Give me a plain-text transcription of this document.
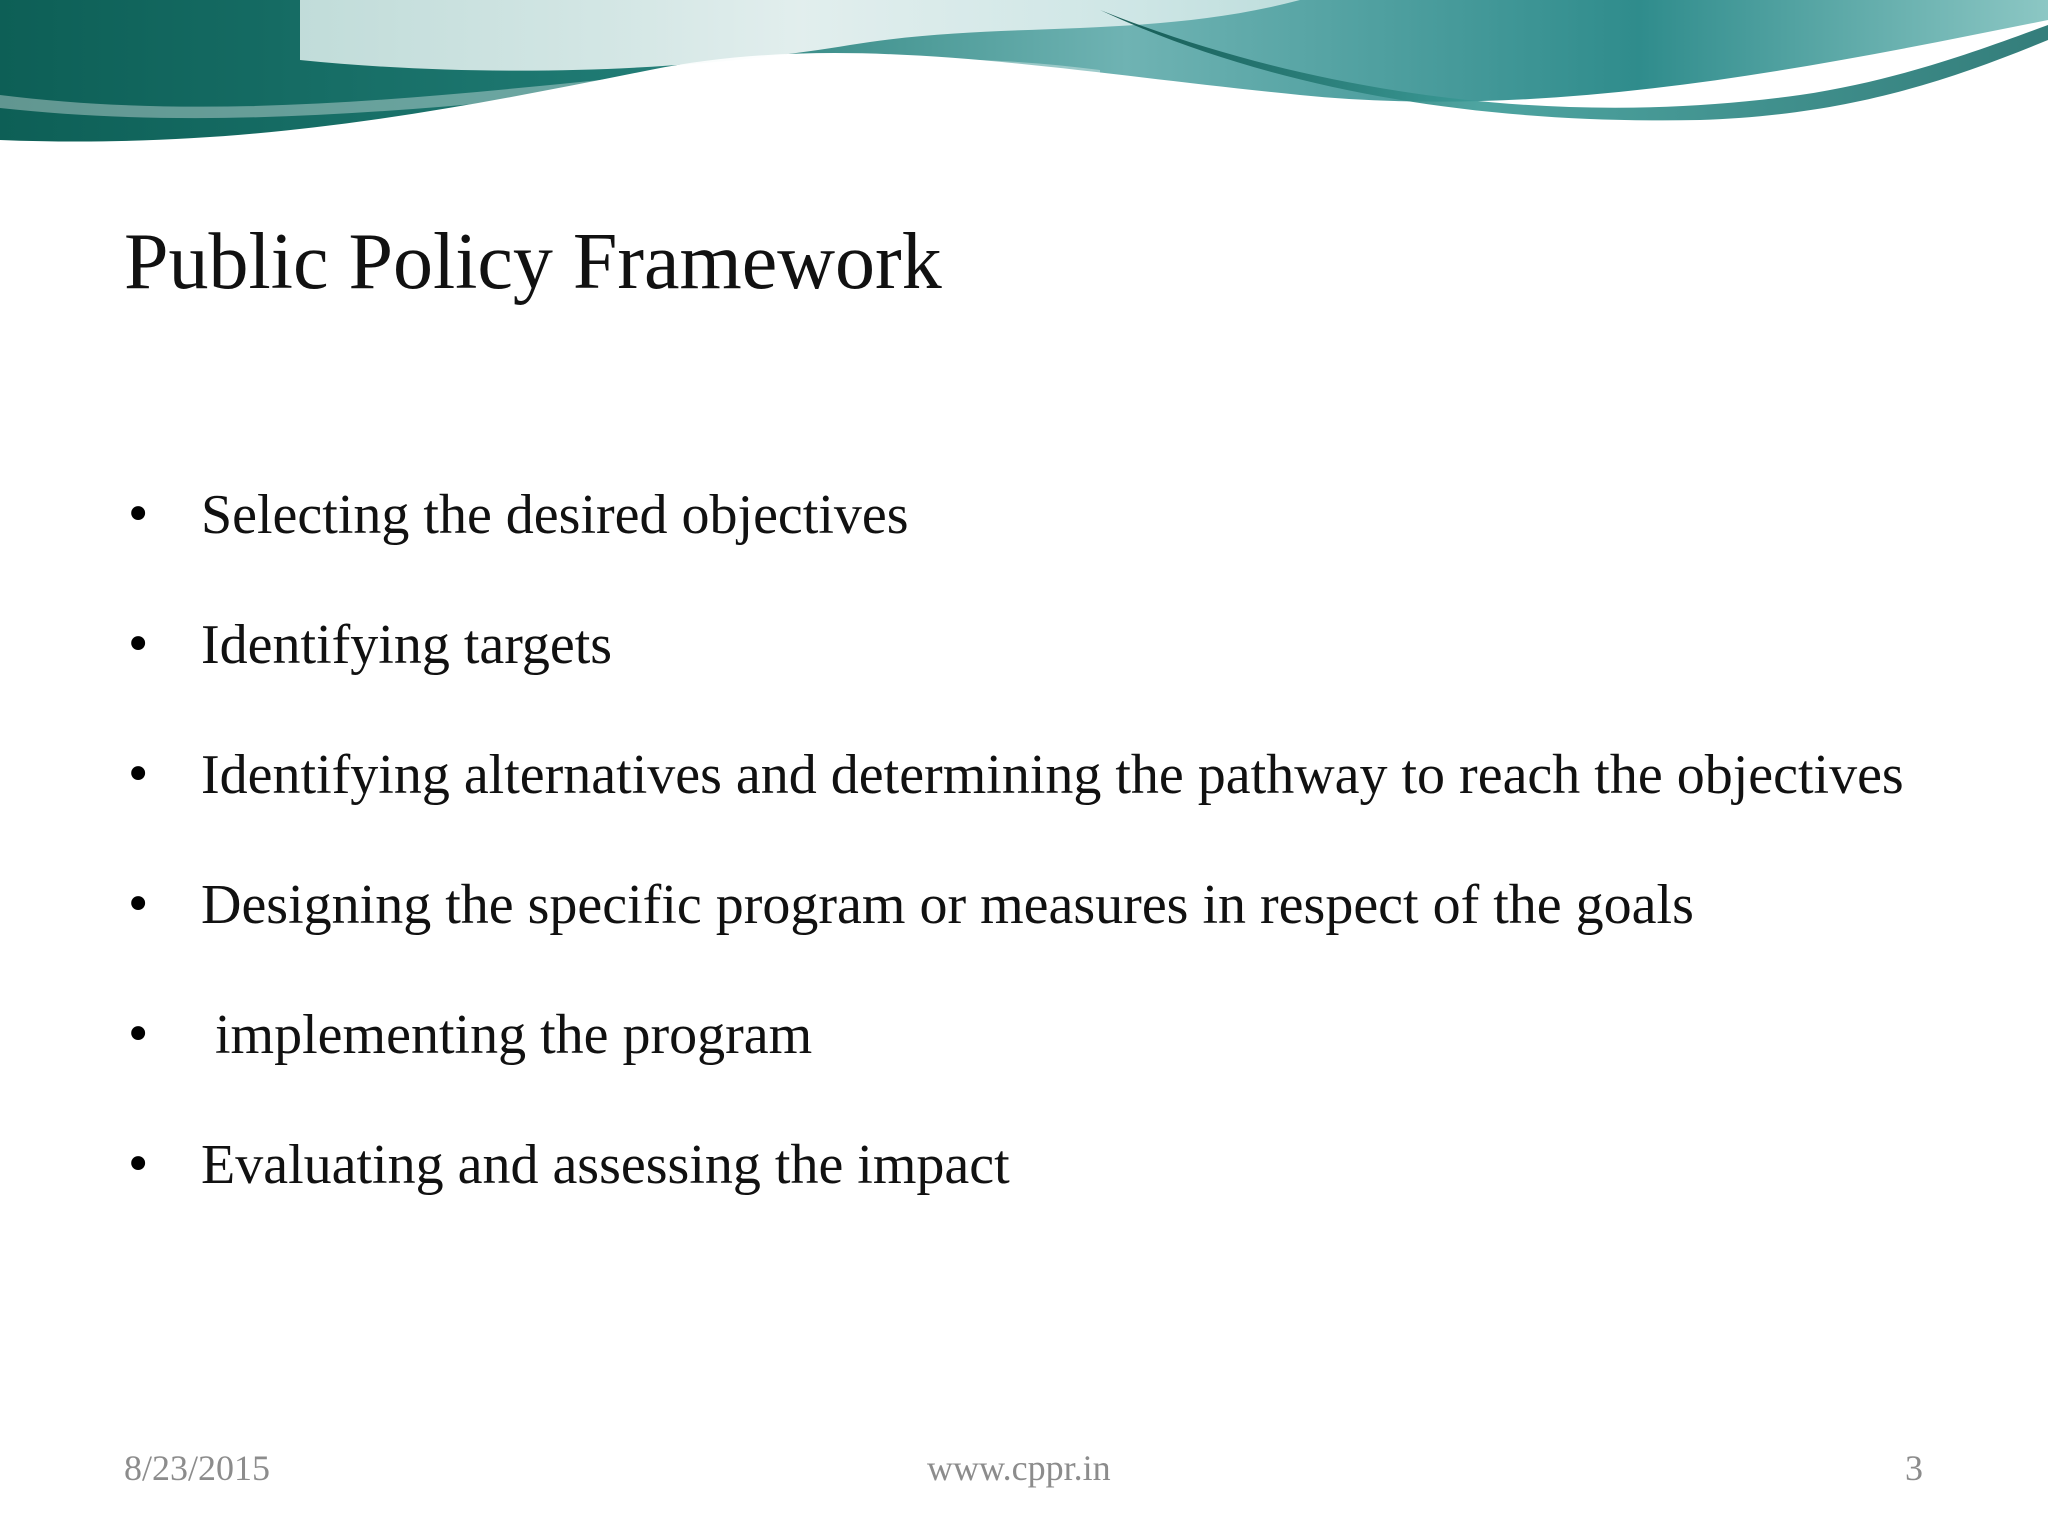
Public Policy Framework
• Selecting the desired objectives
• Identifying targets
• Identifying alternatives and determining the pathway to reach the objectives
• Designing the specific program or measures in respect of the goals
• implementing the program
• Evaluating and assessing the impact
8/23/2015	www.cppr.in	3
